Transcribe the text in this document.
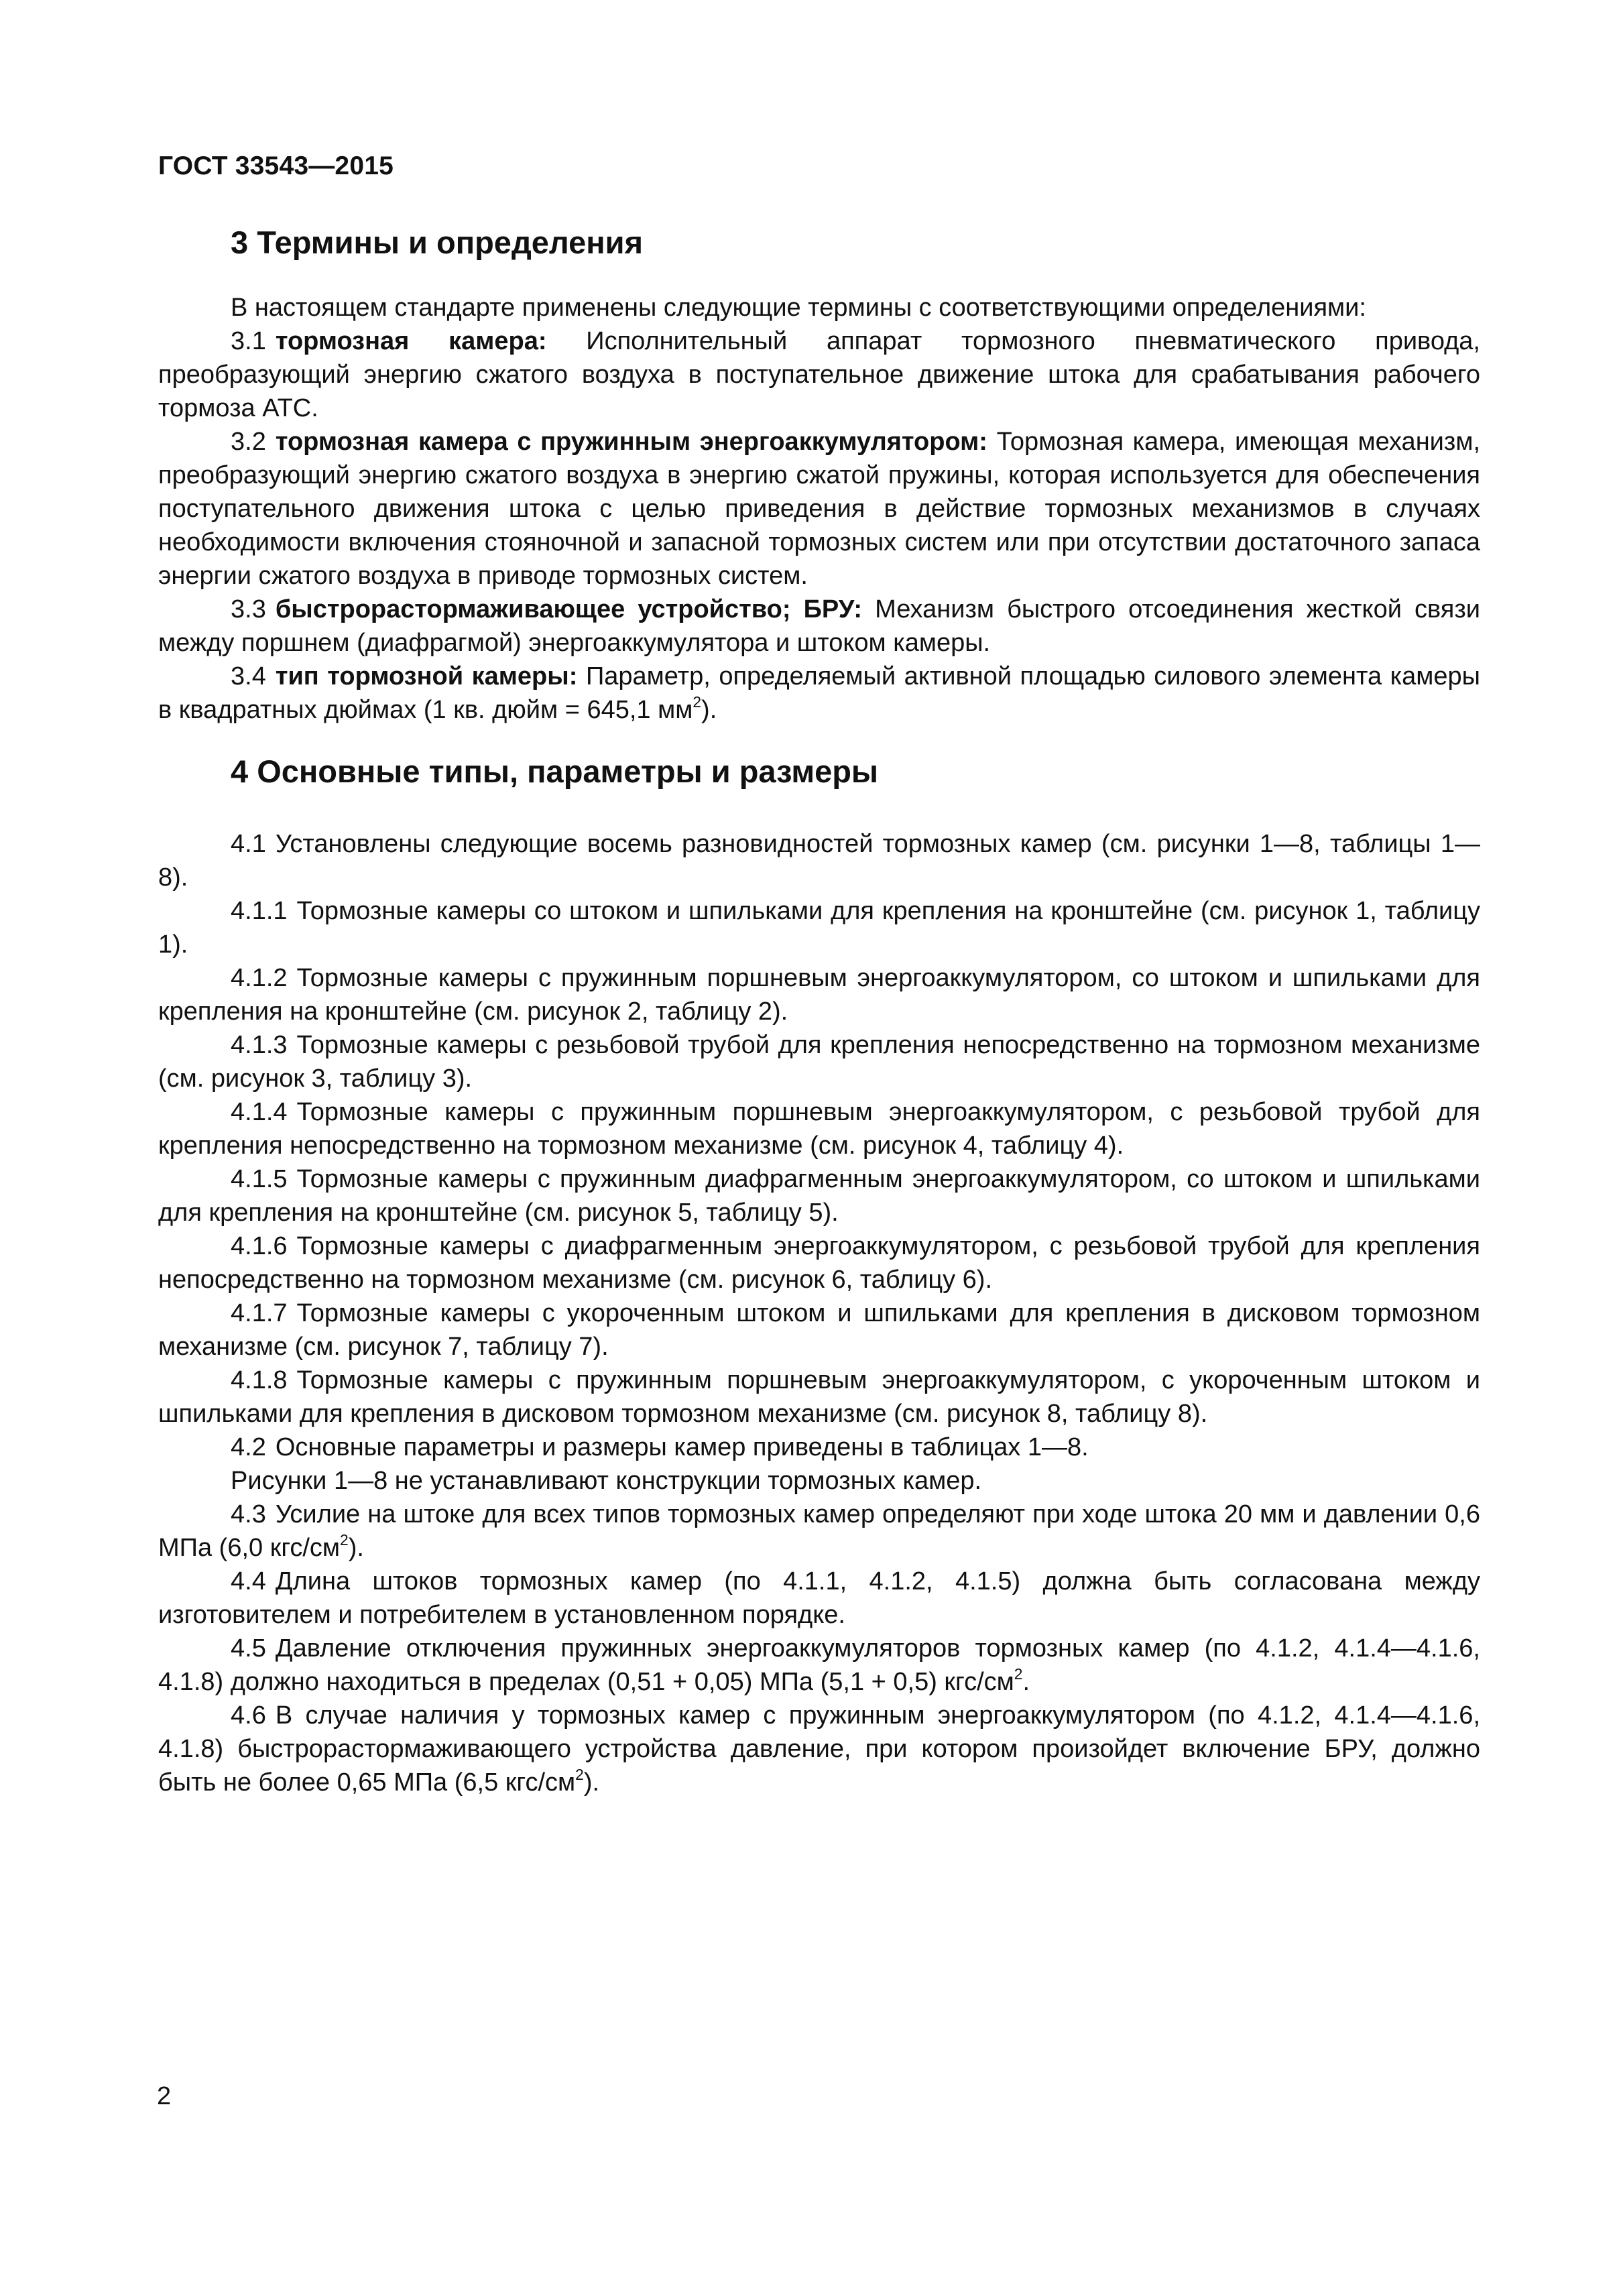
ГОСТ 33543—2015
3 Термины и определения

В настоящем стандарте применены следующие термины с соответствующими определениями:

3.1 тормозная камера: Исполнительный аппарат тормозного пневматического привода, преобразующий энергию сжатого воздуха в поступательное движение штока для срабатывания рабочего тормоза АТС.

3.2 тормозная камера с пружинным энергоаккумулятором: Тормозная камера, имеющая механизм, преобразующий энергию сжатого воздуха в энергию сжатой пружины, которая используется для обеспечения поступательного движения штока с целью приведения в действие тормозных механизмов в случаях необходимости включения стояночной и запасной тормозных систем или при отсутствии достаточного запаса энергии сжатого воздуха в приводе тормозных систем.

3.3 быстрорастормаживающее устройство; БРУ: Механизм быстрого отсоединения жесткой связи между поршнем (диафрагмой) энергоаккумулятора и штоком камеры.

3.4 тип тормозной камеры: Параметр, определяемый активной площадью силового элемента камеры в квадратных дюймах (1 кв. дюйм = 645,1 $мм^2$).

4 Основные типы, параметры и размеры

4.1 Установлены следующие восемь разновидностей тормозных камер (см. рисунки 1—8, таблицы 1—8).

4.1.1 Тормозные камеры со штоком и шпильками для крепления на кронштейне (см. рисунок 1, таблицу 1).

4.1.2 Тормозные камеры с пружинным поршневым энергоаккумулятором, со штоком и шпильками для крепления на кронштейне (см. рисунок 2, таблицу 2).

4.1.3 Тормозные камеры с резьбовой трубой для крепления непосредственно на тормозном механизме (см. рисунок 3, таблицу 3).

4.1.4 Тормозные камеры с пружинным поршневым энергоаккумулятором, с резьбовой трубой для крепления непосредственно на тормозном механизме (см. рисунок 4, таблицу 4).

4.1.5 Тормозные камеры с пружинным диафрагменным энергоаккумулятором, со штоком и шпильками для крепления на кронштейне (см. рисунок 5, таблицу 5).

4.1.6 Тормозные камеры с диафрагменным энергоаккумулятором, с резьбовой трубой для крепления непосредственно на тормозном механизме (см. рисунок 6, таблицу 6).

4.1.7 Тормозные камеры с укороченным штоком и шпильками для крепления в дисковом тормозном механизме (см. рисунок 7, таблицу 7).

4.1.8 Тормозные камеры с пружинным поршневым энергоаккумулятором, с укороченным штоком и шпильками для крепления в дисковом тормозном механизме (см. рисунок 8, таблицу 8).

4.2 Основные параметры и размеры камер приведены в таблицах 1—8.

Рисунки 1—8 не устанавливают конструкции тормозных камер.

4.3 Усилие на штоке для всех типов тормозных камер определяют при ходе штока 20 мм и давлении 0,6 МПа (6,0 кгс/$см^2$).

4.4 Длина штоков тормозных камер (по 4.1.1, 4.1.2, 4.1.5) должна быть согласована между изготовителем и потребителем в установленном порядке.

4.5 Давление отключения пружинных энергоаккумуляторов тормозных камер (по 4.1.2, 4.1.4—4.1.6, 4.1.8) должно находиться в пределах (0,51 + 0,05) МПа (5,1 + 0,5) кгс/$см^2$.

4.6 В случае наличия у тормозных камер с пружинным энергоаккумулятором (по 4.1.2, 4.1.4—4.1.6, 4.1.8) быстрорастормаживающего устройства давление, при котором произойдет включение БРУ, должно быть не более 0,65 МПа (6,5 кгс/$см^2$).

2
